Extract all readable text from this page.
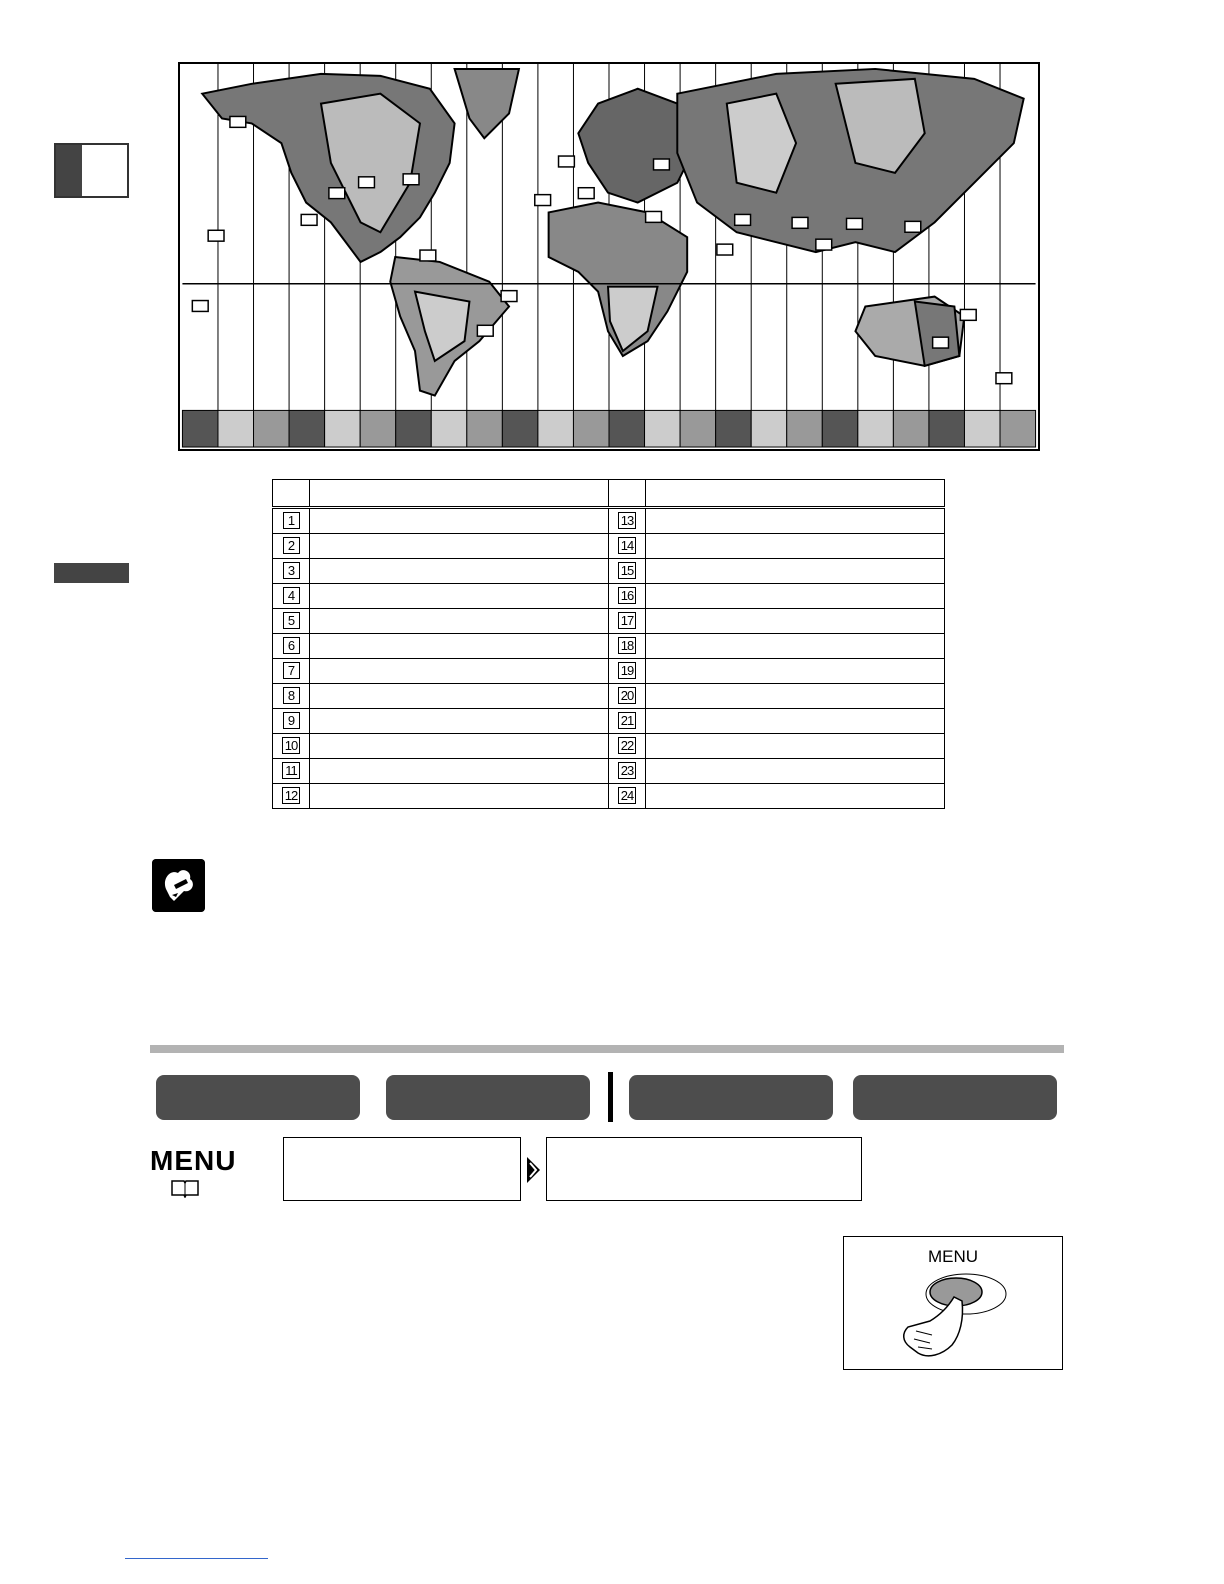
1		13	
2		14	
3		15	
4		16	
5		17	
6		18	
7		19	
8		20	
9		21	
10		22	
11		23	
12		24	
MENU
MENU
